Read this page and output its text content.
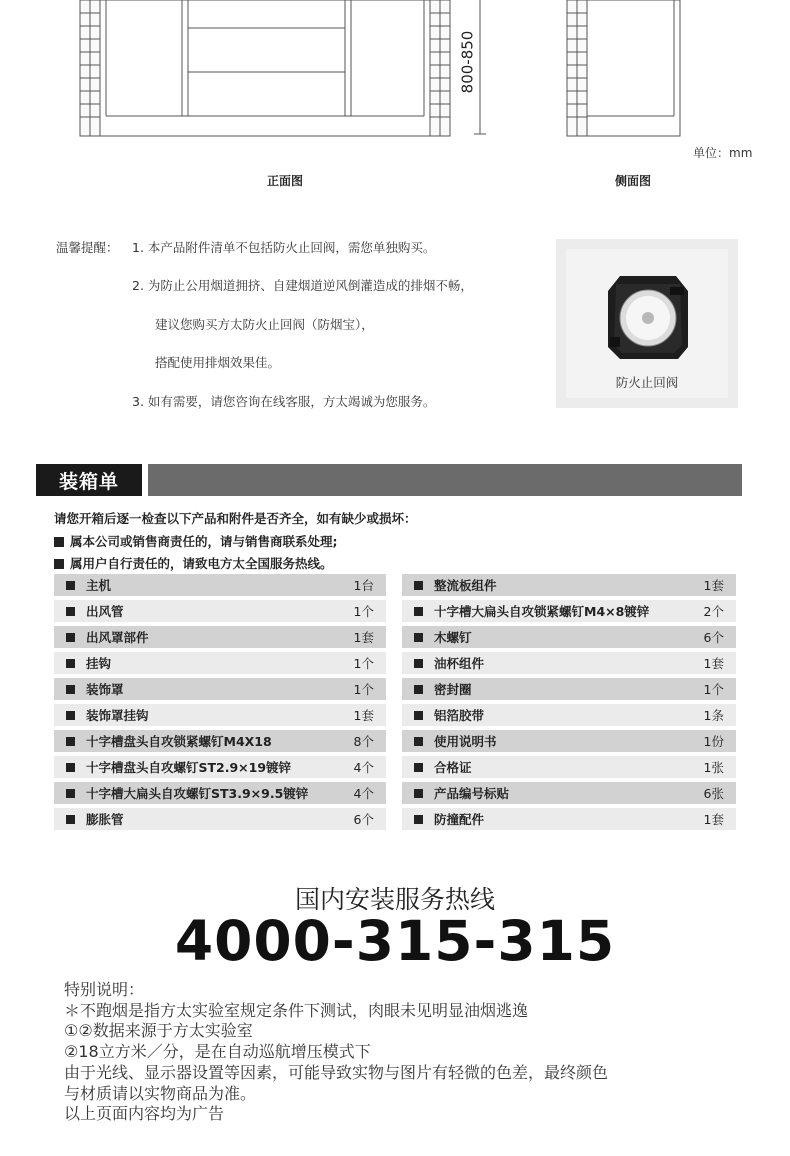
800-850
单位：mm
正面图	侧面图
温馨提醒： 1. 本产品附件清单不包括防火止回阀，需您单独购买。
2. 为防止公用烟道拥挤、自建烟道逆风倒灌造成的排烟不畅，
建议您购买方太防火止回阀（防烟宝），
搭配使用排烟效果佳。
3. 如有需要，请您咨询在线客服，方太竭诚为您服务。
防火止回阀
装箱单
请您开箱后逐一检查以下产品和附件是否齐全，如有缺少或损坏：
属本公司或销售商责任的，请与销售商联系处理;
属用户自行责任的，请致电方太全国服务热线。
主机	1台
出风管	1个
出风罩部件	1套
挂钩	1个
装饰罩	1个
装饰罩挂钩	1套
十字槽盘头自攻锁紧螺钉M4X18	8个
十字槽盘头自攻螺钉ST2.9×19镀锌	4个
十字槽大扁头自攻螺钉ST3.9×9.5镀锌	4个
膨胀管	6个
整流板组件	1套
十字槽大扁头自攻锁紧螺钉M4×8镀锌	2个
木螺钉	6个
油杯组件	1套
密封圈	1个
铝箔胶带	1条
使用说明书	1份
合格证	1张
产品编号标贴	6张
防撞配件	1套
国内安装服务热线
4000-315-315
特别说明：
＊不跑烟是指方太实验室规定条件下测试，肉眼未见明显油烟逃逸
①②数据来源于方太实验室
②18立方米／分，是在自动巡航增压模式下
由于光线、显示器设置等因素，可能导致实物与图片有轻微的色差，最终颜色
与材质请以实物商品为准。
以上页面内容均为广告
